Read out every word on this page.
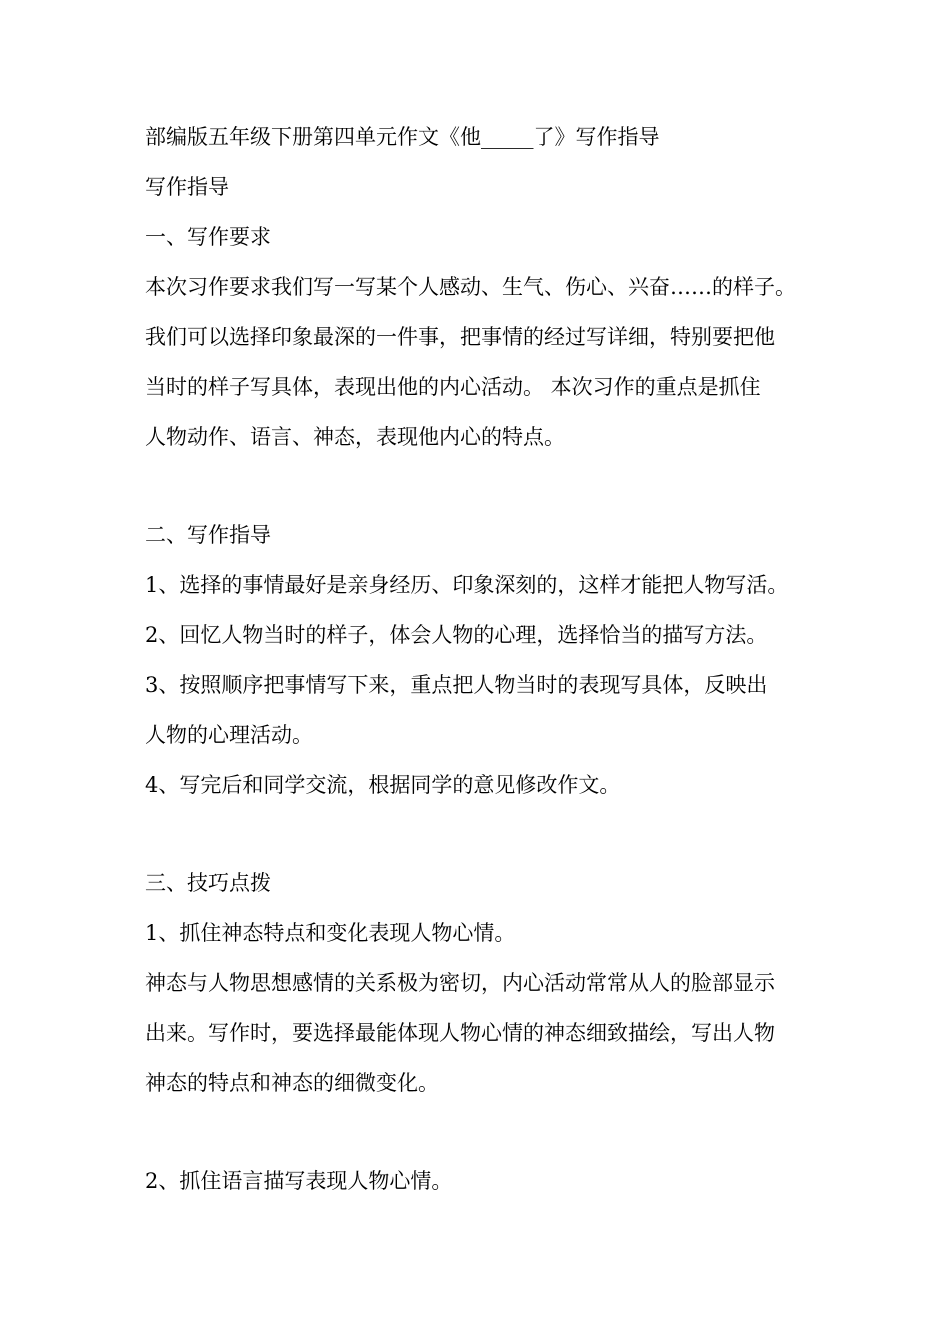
部编版五年级下册第四单元作文《他_____了》写作指导
写作指导
一、写作要求
本次习作要求我们写一写某个人感动、生气、伤心、兴奋……的样子。
我们可以选择印象最深的一件事，把事情的经过写详细，特别要把他
当时的样子写具体，表现出他的内心活动。 本次习作的重点是抓住
人物动作、语言、神态，表现他内心的特点。
二、写作指导
1、选择的事情最好是亲身经历、印象深刻的，这样才能把人物写活。
2、回忆人物当时的样子，体会人物的心理，选择恰当的描写方法。
3、按照顺序把事情写下来，重点把人物当时的表现写具体，反映出
人物的心理活动。
4、写完后和同学交流，根据同学的意见修改作文。
三、技巧点拨
1、抓住神态特点和变化表现人物心情。
神态与人物思想感情的关系极为密切，内心活动常常从人的脸部显示
出来。写作时，要选择最能体现人物心情的神态细致描绘，写出人物
神态的特点和神态的细微变化。
2、抓住语言描写表现人物心情。
